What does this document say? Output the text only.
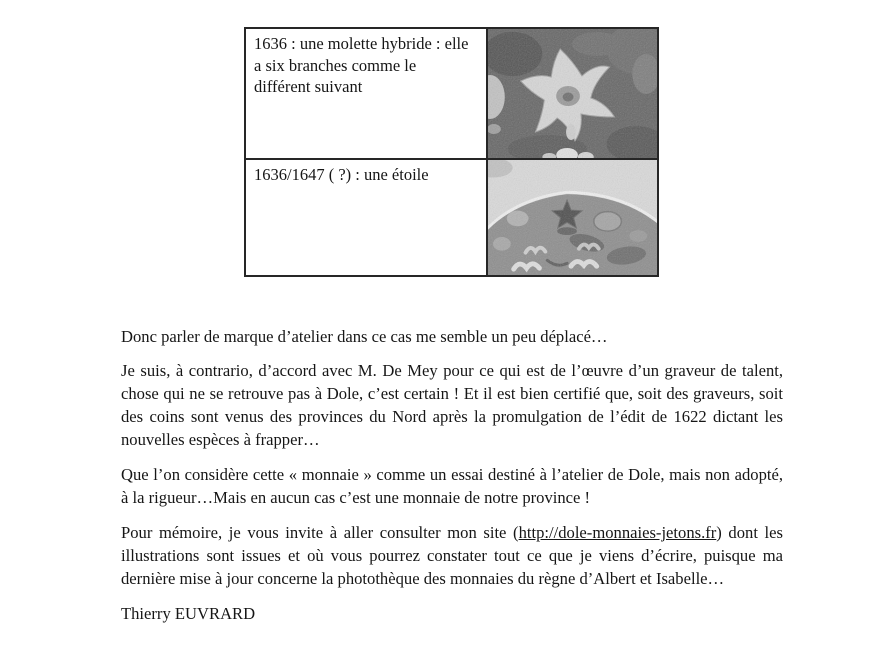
1636 : une molette hybride : elle
a six branches comme le
différent suivant
1636/1647 ( ?) : une étoile

Donc parler de marque d’atelier dans ce cas me semble un peu déplacé…

Je suis, à contrario, d’accord avec M. De Mey pour ce qui est de l’œuvre d’un graveur de talent, chose qui ne se retrouve pas à Dole, c’est certain ! Et il est bien certifié que, soit des graveurs, soit des coins sont venus des provinces du Nord après la promulgation de l’édit de 1622 dictant les nouvelles espèces à frapper…

Que l’on considère cette « monnaie » comme un essai destiné à l’atelier de Dole, mais non adopté, à la rigueur…Mais en aucun cas c’est une monnaie de notre province !

Pour mémoire, je vous invite à aller consulter mon site (http://dole-monnaies-jetons.fr) dont les illustrations sont issues et où vous pourrez constater tout ce que je viens d’écrire, puisque ma dernière mise à jour concerne la photothèque des monnaies du règne d’Albert et Isabelle…

Thierry EUVRARD
